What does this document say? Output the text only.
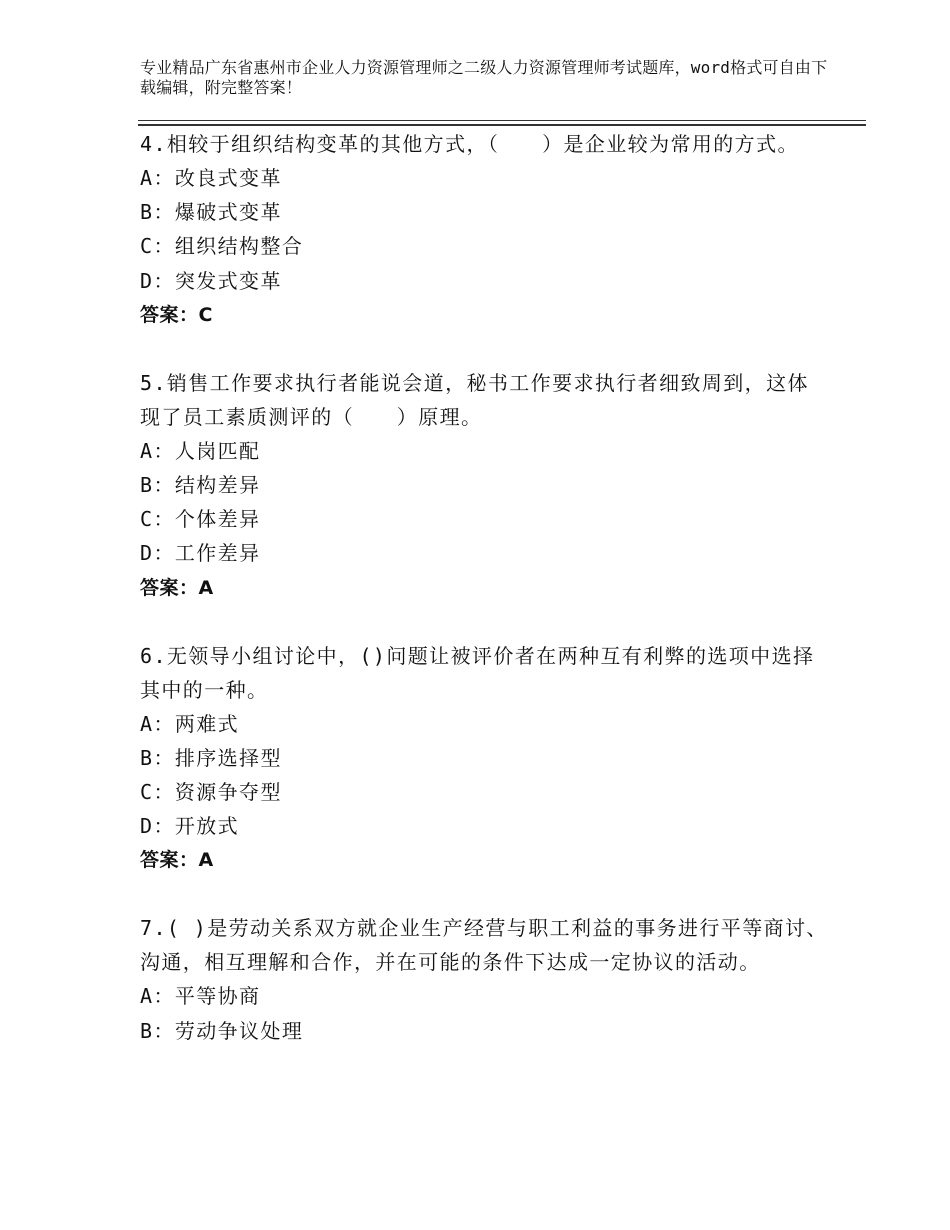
专业精品广东省惠州市企业人力资源管理师之二级人力资源管理师考试题库，word格式可自由下载编辑，附完整答案！
4.相较于组织结构变革的其他方式，（　　）是企业较为常用的方式。
A：改良式变革
B：爆破式变革
C：组织结构整合
D：突发式变革
答案：C
5.销售工作要求执行者能说会道，秘书工作要求执行者细致周到，这体现了员工素质测评的（　　）原理。
A：人岗匹配
B：结构差异
C：个体差异
D：工作差异
答案：A
6.无领导小组讨论中，()问题让被评价者在两种互有利弊的选项中选择其中的一种。
A：两难式
B：排序选择型
C：资源争夺型
D：开放式
答案：A
7.( )是劳动关系双方就企业生产经营与职工利益的事务进行平等商讨、沟通，相互理解和合作，并在可能的条件下达成一定协议的活动。
A：平等协商
B：劳动争议处理
